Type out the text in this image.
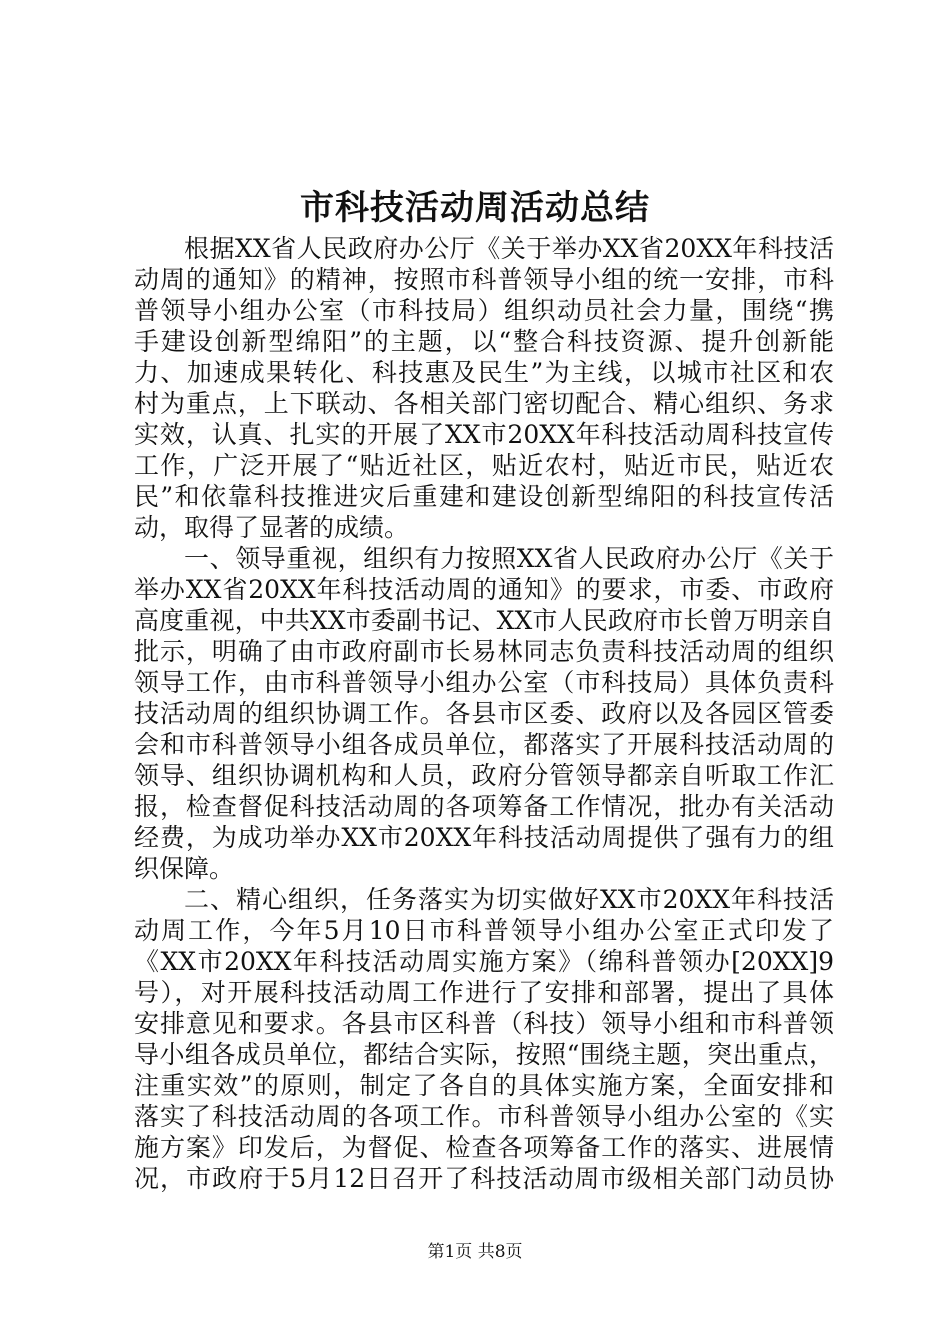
市科技活动周活动总结
根据XX省人民政府办公厅《关于举办XX省20XX年科技活
动周的通知》的精神，按照市科普领导小组的统一安排，市科
普领导小组办公室（市科技局）组织动员社会力量，围绕“携
手建设创新型绵阳”的主题，以“整合科技资源、提升创新能
力、加速成果转化、科技惠及民生”为主线，以城市社区和农
村为重点，上下联动、各相关部门密切配合、精心组织、务求
实效，认真、扎实的开展了XX市20XX年科技活动周科技宣传
工作，广泛开展了“贴近社区，贴近农村，贴近市民，贴近农
民”和依靠科技推进灾后重建和建设创新型绵阳的科技宣传活
动，取得了显著的成绩。
一、领导重视，组织有力按照XX省人民政府办公厅《关于
举办XX省20XX年科技活动周的通知》的要求，市委、市政府
高度重视，中共XX市委副书记、XX市人民政府市长曾万明亲自
批示，明确了由市政府副市长易林同志负责科技活动周的组织
领导工作，由市科普领导小组办公室（市科技局）具体负责科
技活动周的组织协调工作。各县市区委、政府以及各园区管委
会和市科普领导小组各成员单位，都落实了开展科技活动周的
领导、组织协调机构和人员，政府分管领导都亲自听取工作汇
报，检查督促科技活动周的各项筹备工作情况，批办有关活动
经费，为成功举办XX市20XX年科技活动周提供了强有力的组
织保障。
二、精心组织，任务落实为切实做好XX市20XX年科技活
动周工作，今年5月10日市科普领导小组办公室正式印发了
《XX市20XX年科技活动周实施方案》（绵科普领办[20XX]9
号），对开展科技活动周工作进行了安排和部署，提出了具体
安排意见和要求。各县市区科普（科技）领导小组和市科普领
导小组各成员单位，都结合实际，按照“围绕主题，突出重点，
注重实效”的原则，制定了各自的具体实施方案，全面安排和
落实了科技活动周的各项工作。市科普领导小组办公室的《实
施方案》印发后，为督促、检查各项筹备工作的落实、进展情
况，市政府于5月12日召开了科技活动周市级相关部门动员协
第1页 共8页
